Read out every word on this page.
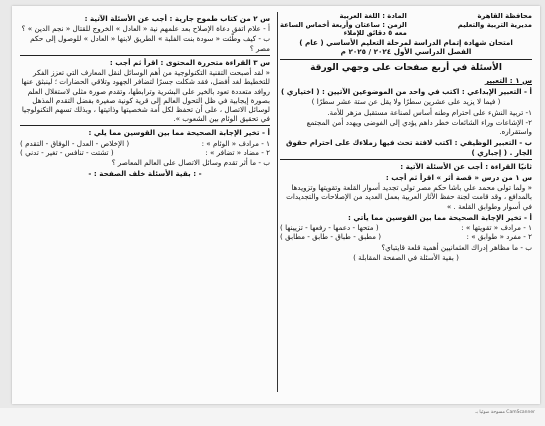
محافظة القاهرة
مديرية التربية والتعليم
المادة : اللغة العربية
الزمن : ساعتان وأربعة أخماس الساعة
معه ٥ دقائق للإملاء
امتحان شهادة إتمام الدراسة لمرحلة التعليم الأساسي ( عام )
الفصل الدراسي الأول ٢٠٢٤ / ٢٠٢٥ م
الأسئلة في أربع صفحات على وجهي الورقة
س ١ : التعبير

أ - التعبير الإبداعي : اكتب في واحد من الموضوعين الآتيين : ( اختياري )

( فيما لا يزيد على عشرين سطرًا ولا يقل عن ستة عشر سطرًا )

١- تربية النشء على احترام وطنه أساس لصناعة مستقبل مزهر للأمة.

٢- الإشاعات وراء الشائعات خطر داهم يؤدي إلى الفوضى ويهدد أمن المجتمع واستقراره.

ب - التعبير الوظيفي : اكتب لافتة تحث فيها زملاءك على احترام حقوق الجار . ( إجباري )

ثانيًا القراءة : أجب عن الأسئلة الآتية :

س ١ من درس « قصة أثر » اقرأ ثم أجب :

« ولما تولى محمد علي باشا حكم مصر تولى تجديد أسوار القلعة وتقويتها وتزويدها بالمدافع ، وقد قامت لجنة حفظ الآثار العربية بعمل العديد من الإصلاحات والتجديدات في أسوار وطوابق القلعة . »

أ - تخير الإجابة الصحيحة مما بين القوسين مما يأتي :

١ - مرادف « تقويتها » :
( متحها - دعمها - رفعها - تزيينها )
٢ - مفرد « طوابق » :
( مطبق - طباق - طابق - مطابق )

ب - ما مظاهر إدراك العثمانيين أهمية قلعة قايتباي؟

( بقية الأسئلة في الصفحة المقابلة )

س ٢ من كتاب طموح جارية : أجب عن الأسئلة الآتية :

أ - علام اتفق دعاة الإصلاح بعد علمهم نية « العادل » الخروج للقتال « نجم الدين » ؟

ب - كيف وطّئت « سودة بنت الفلبة » الطريق لابنها « العادل » للوصول إلى حكم مصر ؟

س ٣ القراءة متحررة المحتوى : اقرأ ثم أجب :

« لقد أصبحت التقنية التكنولوجية من أهم الوسائل لنقل المعارف التي تعزز الفكر للتخطيط لغد أفضل، فقد شكلت جسرًا لتضافر الجهود وتلاقي الحضارات ؛ لينبثق عنها روافد متعددة تعود بالخير على البشرية وترابطها، وتقدم صورة مثلى لاستغلال العلم بصورة إيجابية في ظل التحول العالم إلى قرية كونية صغيرة بفضل التقدم المذهل لوسائل الاتصال ، على أن تحفظ لكل أمة شخصيتها وذاتيتها ، وبذلك تسهم التكنولوجيا في تحقيق الوئام بين الشعوب ».

أ - تخير الإجابة الصحيحة مما بين القوسين مما يلي :

١ - مرادف « الوئام » :
( الإخلاص - العدل - الوفاق - التقدم )
٢ - مضاد « تضافر » :
( تشتت - تنافس - تغير - تدني )

ب - ما أثر تقدم وسائل الاتصال على العالم المعاصر ؟

- : بقية الأسئلة خلف الصفحة : -

مسوحة ضوئيا بـ CamScanner
